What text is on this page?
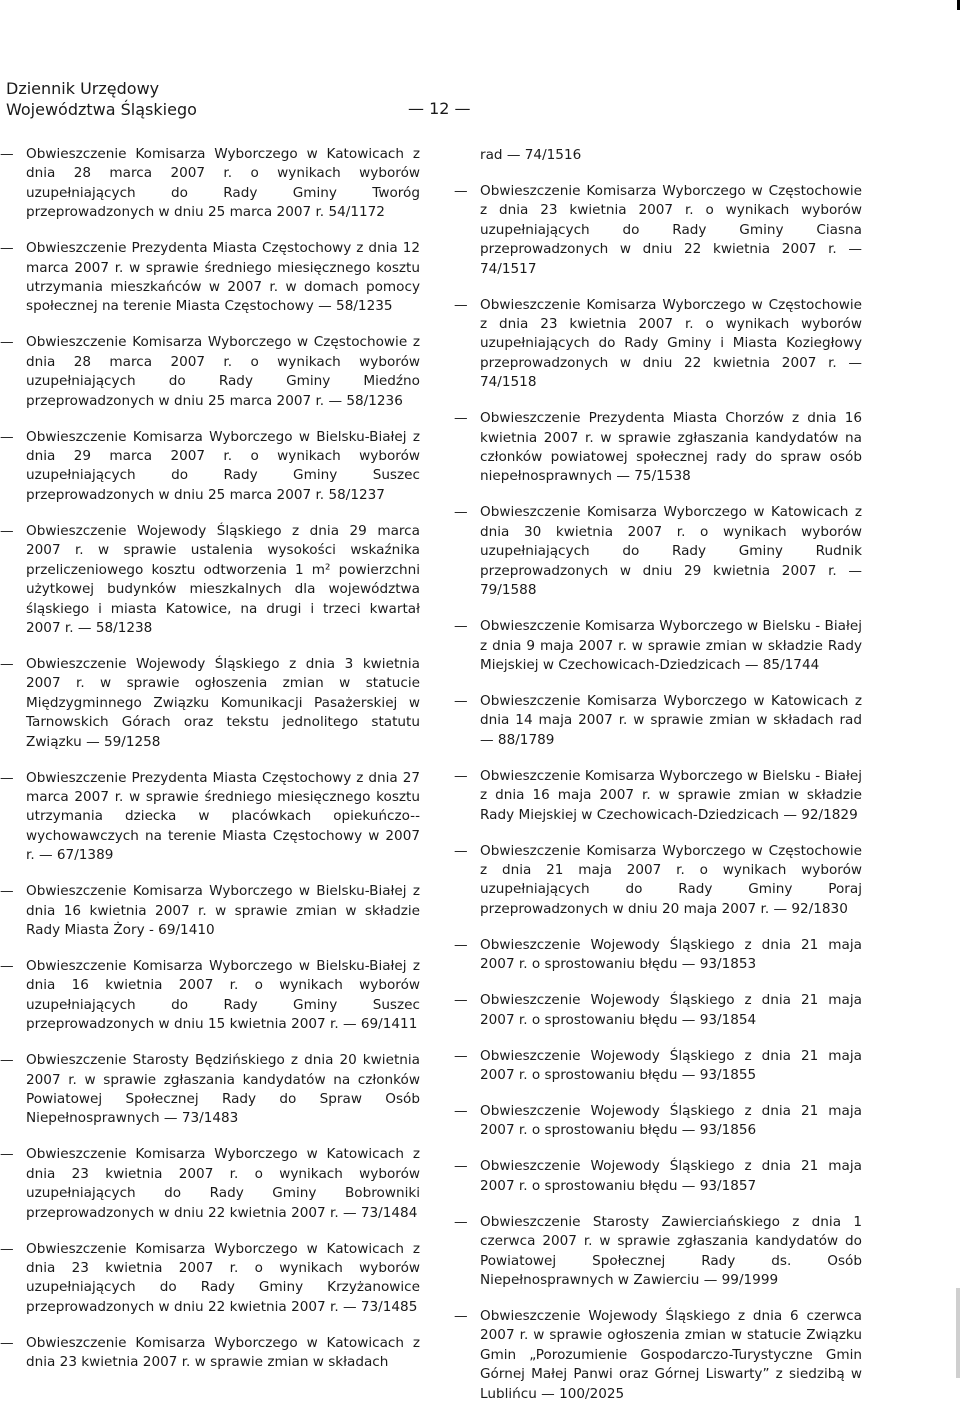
Dziennik Urzędowy
Województwa Śląskiego	— 12 —
— Obwieszczenie Komisarza Wyborczego w Katowicach z dnia 28 marca 2007 r. o wynikach wyborów uzupełniających do Rady Gminy Tworóg przeprowadzonych w dniu 25 marca 2007 r. 54/1172
— Obwieszczenie Prezydenta Miasta Częstochowy z dnia 12 marca 2007 r. w sprawie średniego miesięcznego kosztu utrzymania mieszkańców w 2007 r. w domach pomocy społecznej na terenie Miasta Częstochowy — 58/1235
— Obwieszczenie Komisarza Wyborczego w Częstochowie z dnia 28 marca 2007 r. o wynikach wyborów uzupełniających do Rady Gminy Miedźno przeprowadzonych w dniu 25 marca 2007 r. — 58/1236
— Obwieszczenie Komisarza Wyborczego w Bielsku-Białej z dnia 29 marca 2007 r. o wynikach wyborów uzupełniających do Rady Gminy Suszec przeprowadzonych w dniu 25 marca 2007 r. 58/1237
— Obwieszczenie Wojewody Śląskiego z dnia 29 marca 2007 r. w sprawie ustalenia wysokości wskaźnika przeliczeniowego kosztu odtworzenia 1 m² powierzchni użytkowej budynków mieszkalnych dla województwa śląskiego i miasta Katowice, na drugi i trzeci kwartał 2007 r. — 58/1238
— Obwieszczenie Wojewody Śląskiego z dnia 3 kwietnia 2007 r. w sprawie ogłoszenia zmian w statucie Międzygminnego Związku Komunikacji Pasażerskiej w Tarnowskich Górach oraz tekstu jednolitego statutu Związku — 59/1258
— Obwieszczenie Prezydenta Miasta Częstochowy z dnia 27 marca 2007 r. w sprawie średniego miesięcznego kosztu utrzymania dziecka w placówkach opiekuńczo--wychowawczych na terenie Miasta Częstochowy w 2007 r. — 67/1389
— Obwieszczenie Komisarza Wyborczego w Bielsku-Białej z dnia 16 kwietnia 2007 r. w sprawie zmian w składzie Rady Miasta Żory - 69/1410
— Obwieszczenie Komisarza Wyborczego w Bielsku-Białej z dnia 16 kwietnia 2007 r. o wynikach wyborów uzupełniających do Rady Gminy Suszec przeprowadzonych w dniu 15 kwietnia 2007 r. — 69/1411
— Obwieszczenie Starosty Będzińskiego z dnia 20 kwietnia 2007 r. w sprawie zgłaszania kandydatów na członków Powiatowej Społecznej Rady do Spraw Osób Niepełnosprawnych — 73/1483
— Obwieszczenie Komisarza Wyborczego w Katowicach z dnia 23 kwietnia 2007 r. o wynikach wyborów uzupełniających do Rady Gminy Bobrowniki przeprowadzonych w dniu 22 kwietnia 2007 r. — 73/1484
— Obwieszczenie Komisarza Wyborczego w Katowicach z dnia 23 kwietnia 2007 r. o wynikach wyborów uzupełniających do Rady Gminy Krzyżanowice przeprowadzonych w dniu 22 kwietnia 2007 r. — 73/1485
— Obwieszczenie Komisarza Wyborczego w Katowicach z dnia 23 kwietnia 2007 r. w sprawie zmian w składach
rad — 74/1516
— Obwieszczenie Komisarza Wyborczego w Częstochowie z dnia 23 kwietnia 2007 r. o wynikach wyborów uzupełniających do Rady Gminy Ciasna przeprowadzonych w dniu 22 kwietnia 2007 r. — 74/1517
— Obwieszczenie Komisarza Wyborczego w Częstochowie z dnia 23 kwietnia 2007 r. o wynikach wyborów uzupełniających do Rady Gminy i Miasta Koziegłowy przeprowadzonych w dniu 22 kwietnia 2007 r. — 74/1518
— Obwieszczenie Prezydenta Miasta Chorzów z dnia 16 kwietnia 2007 r. w sprawie zgłaszania kandydatów na członków powiatowej społecznej rady do spraw osób niepełnosprawnych — 75/1538
— Obwieszczenie Komisarza Wyborczego w Katowicach z dnia 30 kwietnia 2007 r. o wynikach wyborów uzupełniających do Rady Gminy Rudnik przeprowadzonych w dniu 29 kwietnia 2007 r. — 79/1588
— Obwieszczenie Komisarza Wyborczego w Bielsku - Białej z dnia 9 maja 2007 r. w sprawie zmian w składzie Rady Miejskiej w Czechowicach-Dziedzicach — 85/1744
— Obwieszczenie Komisarza Wyborczego w Katowicach z dnia 14 maja 2007 r. w sprawie zmian w składach rad — 88/1789
— Obwieszczenie Komisarza Wyborczego w Bielsku - Białej z dnia 16 maja 2007 r. w sprawie zmian w składzie Rady Miejskiej w Czechowicach-Dziedzicach — 92/1829
— Obwieszczenie Komisarza Wyborczego w Częstochowie z dnia 21 maja 2007 r. o wynikach wyborów uzupełniających do Rady Gminy Poraj przeprowadzonych w dniu 20 maja 2007 r. — 92/1830
— Obwieszczenie Wojewody Śląskiego z dnia 21 maja 2007 r. o sprostowaniu błędu — 93/1853
— Obwieszczenie Wojewody Śląskiego z dnia 21 maja 2007 r. o sprostowaniu błędu — 93/1854
— Obwieszczenie Wojewody Śląskiego z dnia 21 maja 2007 r. o sprostowaniu błędu — 93/1855
— Obwieszczenie Wojewody Śląskiego z dnia 21 maja 2007 r. o sprostowaniu błędu — 93/1856
— Obwieszczenie Wojewody Śląskiego z dnia 21 maja 2007 r. o sprostowaniu błędu — 93/1857
— Obwieszczenie Starosty Zawierciańskiego z dnia 1 czerwca 2007 r. w sprawie zgłaszania kandydatów do Powiatowej Społecznej Rady ds. Osób Niepełnosprawnych w Zawierciu — 99/1999
— Obwieszczenie Wojewody Śląskiego z dnia 6 czerwca 2007 r. w sprawie ogłoszenia zmian w statucie Związku Gmin „Porozumienie Gospodarczo-Turystyczne Gmin Górnej Małej Panwi oraz Górnej Liswarty” z siedzibą w Lublińcu — 100/2025
